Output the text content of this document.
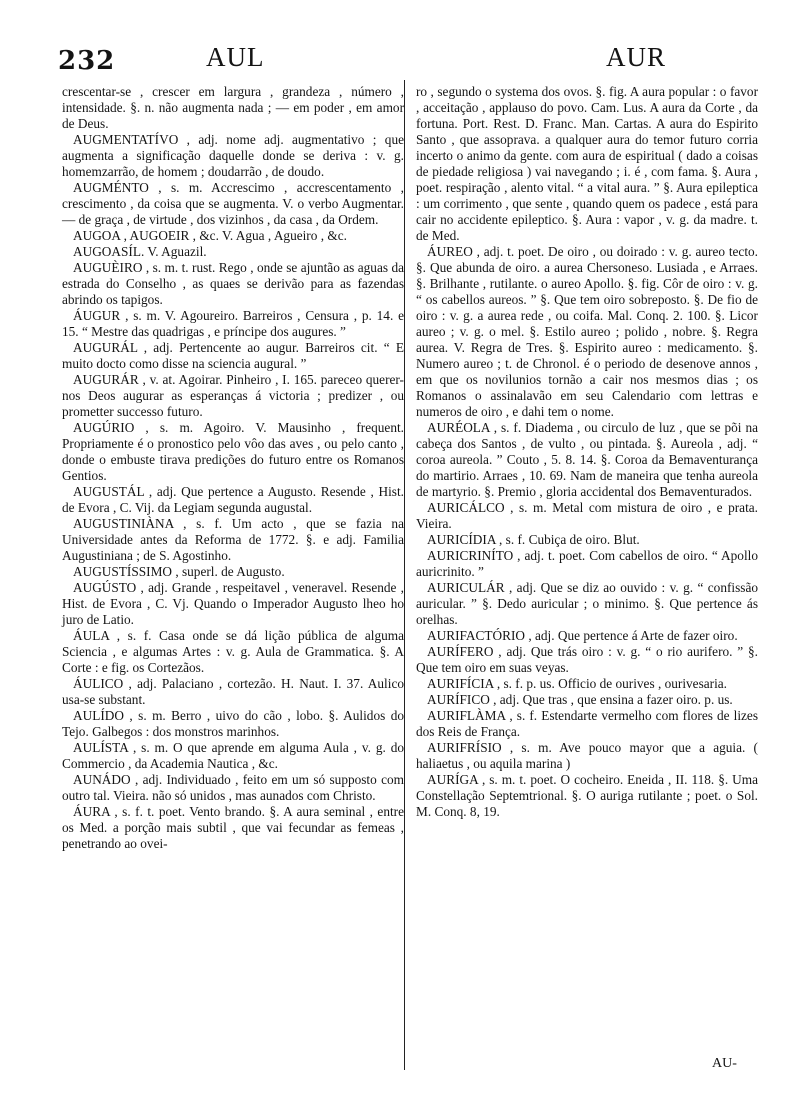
232	AUL	AUR

crescentar-se , crescer em largura , grandeza , número , intensidade. §. n. não augmenta nada ; — em poder , em amor de Deus.

AUGMENTATÍVO , adj. nome adj. augmentativo ; que augmenta a significação daquelle donde se deriva : v. g. homemzarrão, de homem ; doudarrão , de doudo.

AUGMÉNTO , s. m. Accrescimo , accrescentamento , crescimento , da coisa que se augmenta. V. o verbo Augmentar. — de graça , de virtude , dos vizinhos , da casa , da Ordem.

AUGOA , AUGOEIR , &c. V. Agua , Agueiro , &c.

AUGOASÍL. V. Aguazil.

AUGUÈIRO , s. m. t. rust. Rego , onde se ajuntão as aguas da estrada do Conselho , as quaes se derivão para as fazendas abrindo os tapigos.

ÁUGUR , s. m. V. Agoureiro. Barreiros , Censura , p. 14. e 15. “ Mestre das quadrigas , e príncipe dos augures. ”

AUGURÁL , adj. Pertencente ao augur. Barreiros cit. “ E muito docto como disse na sciencia augural. ”

AUGURÁR , v. at. Agoirar. Pinheiro , I. 165. pareceo querer-nos Deos augurar as esperanças á victoria ; predizer , ou prometter successo futuro.

AUGÚRIO , s. m. Agoiro. V. Mausinho , frequent. Propriamente é o pronostico pelo vôo das aves , ou pelo canto , donde o embuste tirava predições do futuro entre os Romanos Gentios.

AUGUSTÁL , adj. Que pertence a Augusto. Resende , Hist. de Evora , C. Vij. da Legiam segunda augustal.

AUGUSTINIÀNA , s. f. Um acto , que se fazia na Universidade antes da Reforma de 1772. §. e adj. Familia Augustiniana ; de S. Agostinho.

AUGUSTÍSSIMO , superl. de Augusto.

AUGÚSTO , adj. Grande , respeitavel , veneravel. Resende , Hist. de Evora , C. Vj. Quando o Imperador Augusto lheo ho juro de Latio.

ÁULA , s. f. Casa onde se dá lição pública de alguma Sciencia , e algumas Artes : v. g. Aula de Grammatica. §. A Corte : e fig. os Cortezãos.

ÁULICO , adj. Palaciano , cortezão. H. Naut. I. 37. Aulico usa-se substant.

AULÍDO , s. m. Berro , uivo do cão , lobo. §. Aulidos do Tejo. Galbegos : dos monstros marinhos.

AULÍSTA , s. m. O que aprende em alguma Aula , v. g. do Commercio , da Academia Nautica , &c.

AUNÁDO , adj. Individuado , feito em um só supposto com outro tal. Vieira. não só unidos , mas aunados com Christo.

ÁURA , s. f. t. poet. Vento brando. §. A aura seminal , entre os Med. a porção mais subtil , que vai fecundar as femeas , penetrando ao ovei-

ro , segundo o systema dos ovos. §. fig. A aura popular : o favor , acceitação , applauso do povo. Cam. Lus. A aura da Corte , da fortuna. Port. Rest. D. Franc. Man. Cartas. A aura do Espirito Santo , que assoprava. a qualquer aura do temor futuro corria incerto o animo da gente. com aura de espiritual ( dado a coisas de piedade religiosa ) vai navegando ; i. é , com fama. §. Aura , poet. respiração , alento vital. “ a vital aura. ” §. Aura epileptica : um corrimento , que sente , quando quem os padece , está para cair no accidente epileptico. §. Aura : vapor , v. g. da madre. t. de Med.

ÁUREO , adj. t. poet. De oiro , ou doirado : v. g. aureo tecto. §. Que abunda de oiro. a aurea Chersoneso. Lusiada , e Arraes. §. Brilhante , rutilante. o aureo Apollo. §. fig. Côr de oiro : v. g. “ os cabellos aureos. ” §. Que tem oiro sobreposto. §. De fio de oiro : v. g. a aurea rede , ou coifa. Mal. Conq. 2. 100. §. Licor aureo ; v. g. o mel. §. Estilo aureo ; polido , nobre. §. Regra aurea. V. Regra de Tres. §. Espirito aureo : medicamento. §. Numero aureo ; t. de Chronol. é o periodo de desenove annos , em que os novilunios tornão a cair nos mesmos dias ; os Romanos o assinalavão em seu Calendario com lettras e numeros de oiro , e dahi tem o nome.

AURÉOLA , s. f. Diadema , ou circulo de luz , que se põi na cabeça dos Santos , de vulto , ou pintada. §. Aureola , adj. “ coroa aureola. ” Couto , 5. 8. 14. §. Coroa da Bemaventurança do martirio. Arraes , 10. 69. Nam de maneira que tenha aureola de martyrio. §. Premio , gloria accidental dos Bemaventurados.

AURICÁLCO , s. m. Metal com mistura de oiro , e prata. Vieira.

AURICÍDIA , s. f. Cubiça de oiro. Blut.

AURICRINÍTO , adj. t. poet. Com cabellos de oiro. “ Apollo auricrinito. ”

AURICULÁR , adj. Que se diz ao ouvido : v. g. “ confissão auricular. ” §. Dedo auricular ; o minimo. §. Que pertence ás orelhas.

AURIFACTÓRIO , adj. Que pertence á Arte de fazer oiro.

AURÍFERO , adj. Que trás oiro : v. g. “ o rio aurifero. ” §. Que tem oiro em suas veyas.

AURIFÍCIA , s. f. p. us. Officio de ourives , ourivesaria.

AURÍFICO , adj. Que tras , que ensina a fazer oiro. p. us.

AURIFLÀMA , s. f. Estendarte vermelho com flores de lizes dos Reis de França.

AURIFRÍSIO , s. m. Ave pouco mayor que a aguia. ( haliaetus , ou aquila marina )

AURÍGA , s. m. t. poet. O cocheiro. Eneida , II. 118. §. Uma Constellação Septemtrional. §. O auriga rutilante ; poet. o Sol. M. Conq. 8, 19.

AU-
